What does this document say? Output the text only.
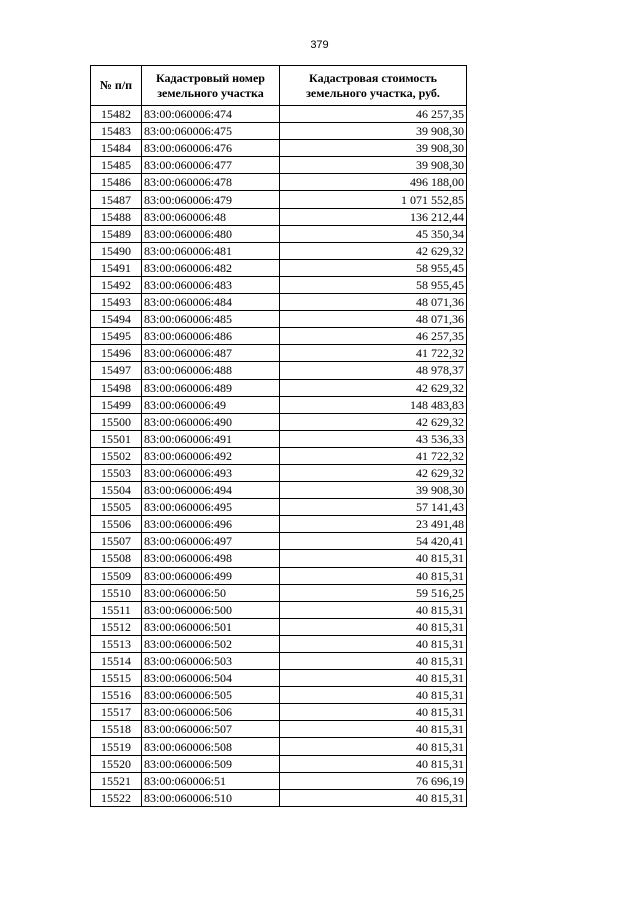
379
№ п/п	Кадастровый номер земельного участка	Кадастровая стоимость земельного участка, руб.
15482	83:00:060006:474	46 257,35
15483	83:00:060006:475	39 908,30
15484	83:00:060006:476	39 908,30
15485	83:00:060006:477	39 908,30
15486	83:00:060006:478	496 188,00
15487	83:00:060006:479	1 071 552,85
15488	83:00:060006:48	136 212,44
15489	83:00:060006:480	45 350,34
15490	83:00:060006:481	42 629,32
15491	83:00:060006:482	58 955,45
15492	83:00:060006:483	58 955,45
15493	83:00:060006:484	48 071,36
15494	83:00:060006:485	48 071,36
15495	83:00:060006:486	46 257,35
15496	83:00:060006:487	41 722,32
15497	83:00:060006:488	48 978,37
15498	83:00:060006:489	42 629,32
15499	83:00:060006:49	148 483,83
15500	83:00:060006:490	42 629,32
15501	83:00:060006:491	43 536,33
15502	83:00:060006:492	41 722,32
15503	83:00:060006:493	42 629,32
15504	83:00:060006:494	39 908,30
15505	83:00:060006:495	57 141,43
15506	83:00:060006:496	23 491,48
15507	83:00:060006:497	54 420,41
15508	83:00:060006:498	40 815,31
15509	83:00:060006:499	40 815,31
15510	83:00:060006:50	59 516,25
15511	83:00:060006:500	40 815,31
15512	83:00:060006:501	40 815,31
15513	83:00:060006:502	40 815,31
15514	83:00:060006:503	40 815,31
15515	83:00:060006:504	40 815,31
15516	83:00:060006:505	40 815,31
15517	83:00:060006:506	40 815,31
15518	83:00:060006:507	40 815,31
15519	83:00:060006:508	40 815,31
15520	83:00:060006:509	40 815,31
15521	83:00:060006:51	76 696,19
15522	83:00:060006:510	40 815,31
